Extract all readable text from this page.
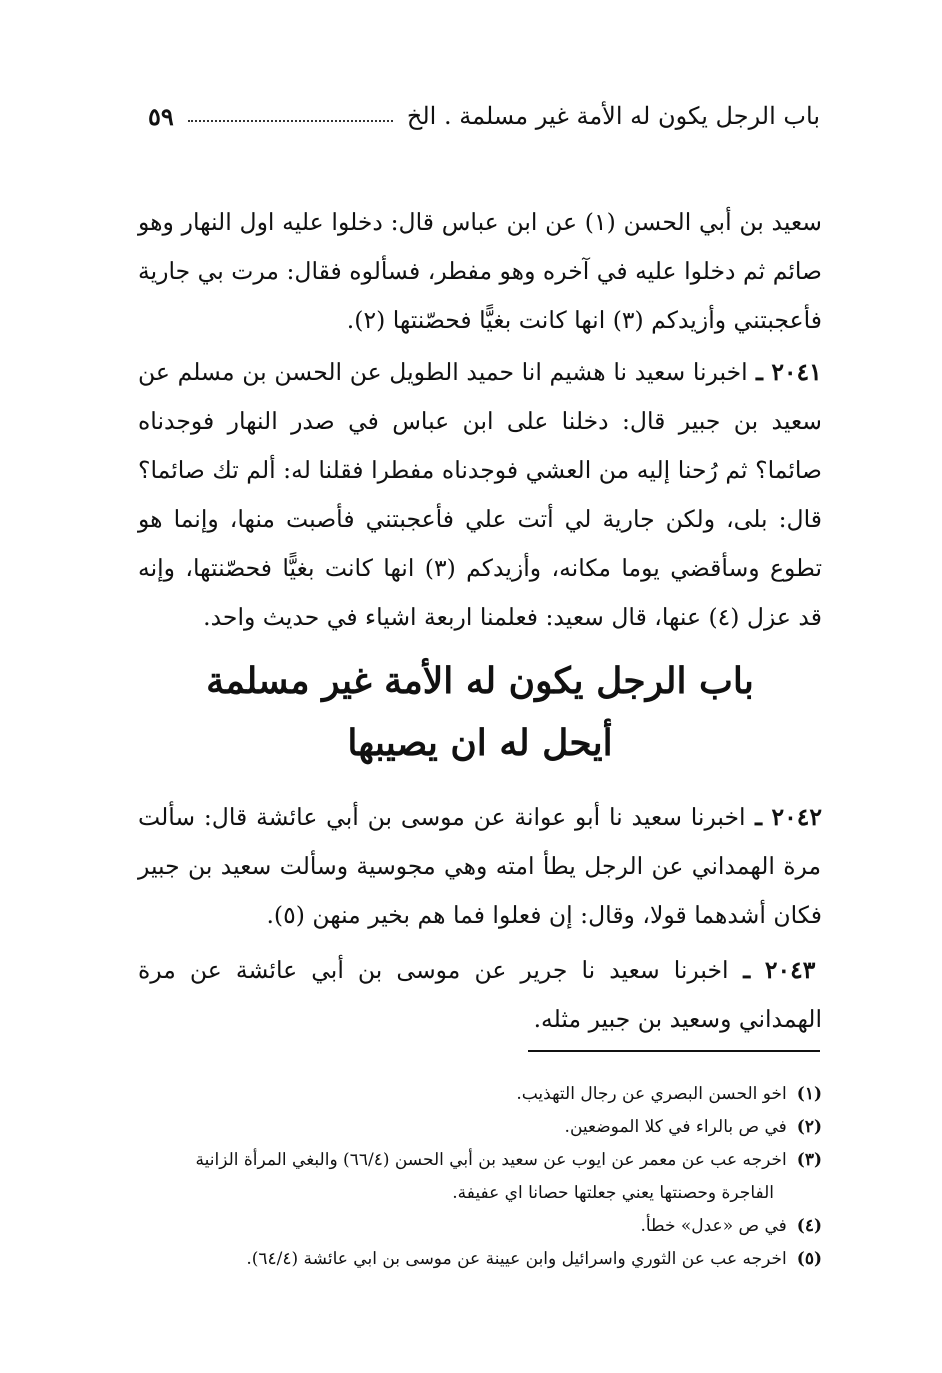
باب الرجل يكون له الأمة غير مسلمة . الخ
٥٩
سعيد بن أبي الحسن (١) عن ابن عباس قال: دخلوا عليه اول النهار وهو صائم ثم دخلوا عليه في آخره وهو مفطر، فسألوه فقال: مرت بي جارية فأعجبتني وأزيدكم (٣) انها كانت بغيًّا فحصّنتها (٢).
٢٠٤١ ـ اخبرنا سعيد نا هشيم انا حميد الطويل عن الحسن بن مسلم عن سعيد بن جبير قال: دخلنا على ابن عباس في صدر النهار فوجدناه صائما؟ ثم رُحنا إليه من العشي فوجدناه مفطرا فقلنا له: ألم تك صائما؟ قال: بلى، ولكن جارية لي أتت علي فأعجبتني فأصبت منها، وإنما هو تطوع وسأقضي يوما مكانه، وأزيدكم (٣) انها كانت بغيًّا فحصّنتها، وإنه قد عزل (٤) عنها، قال سعيد: فعلمنا اربعة اشياء في حديث واحد.
باب الرجل يكون له الأمة غير مسلمة
أيحل له ان يصيبها
٢٠٤٢ ـ اخبرنا سعيد نا أبو عوانة عن موسى بن أبي عائشة قال: سألت مرة الهمداني عن الرجل يطأ امته وهي مجوسية وسألت سعيد بن جبير فكان أشدهما قولا، وقال: إن فعلوا فما هم بخير منهن (٥).
٢٠٤٣ ـ اخبرنا سعيد نا جرير عن موسى بن أبي عائشة عن مرة الهمداني وسعيد بن جبير مثله.
(١)اخو الحسن البصري عن رجال التهذيب.
(٢)في ص بالراء في كلا الموضعين.
(٣)اخرجه عب عن معمر عن ايوب عن سعيد بن أبي الحسن (٦٦/٤) والبغي المرأة الزانية
الفاجرة وحصنتها يعني جعلتها حصانا اي عفيفة.
(٤)في ص «عدل» خطأ.
(٥)اخرجه عب عن الثوري واسرائيل وابن عيينة عن موسى بن ابي عائشة (٦٤/٤).
